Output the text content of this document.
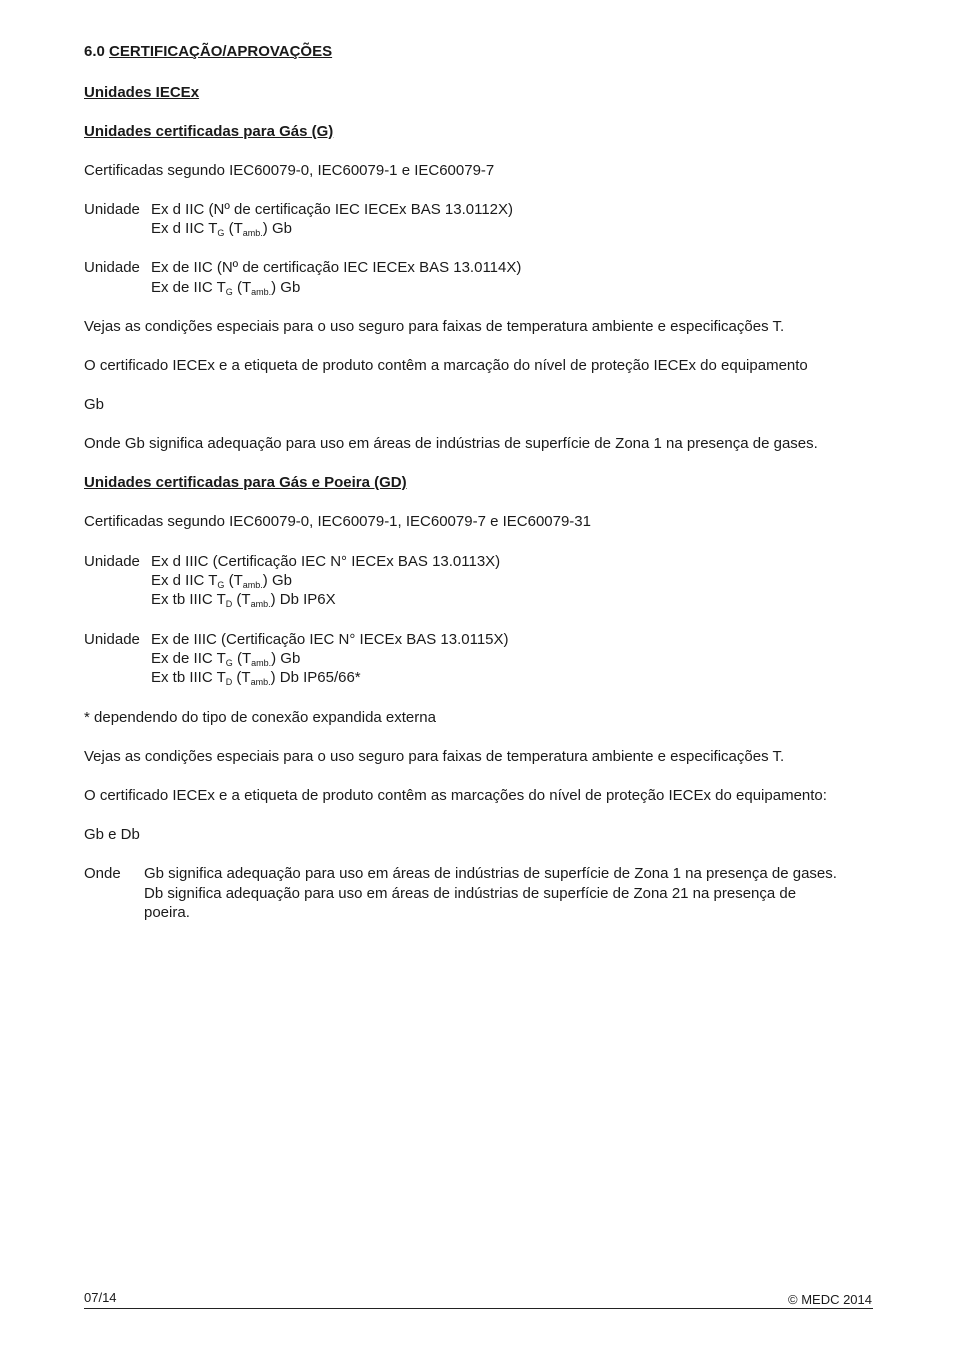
6.0 CERTIFICAÇÃO/APROVAÇÕES
Unidades IECEx
Unidades certificadas para Gás (G)
Certificadas segundo IEC60079-0, IEC60079-1 e IEC60079-7
Unidade Ex d IIC (Nº de certificação IEC IECEx BAS 13.0112X)
Ex d IIC $T_G$ $(T_{amb.})$ Gb
Unidade Ex de IIC (Nº de certificação IEC IECEx BAS 13.0114X)
Ex de IIC $T_G$ $(T_{amb.})$ Gb
Vejas as condições especiais para o uso seguro para faixas de temperatura ambiente e especificações T.
O certificado IECEx e a etiqueta de produto contêm a marcação do nível de proteção IECEx do equipamento
Gb
Onde Gb significa adequação para uso em áreas de indústrias de superfície de Zona 1 na presença de gases.
Unidades certificadas para Gás e Poeira (GD)
Certificadas segundo IEC60079-0, IEC60079-1, IEC60079-7 e IEC60079-31
Unidade Ex d IIIC (Certificação IEC N° IECEx BAS 13.0113X)
Ex d IIC $T_G$ $(T_{amb.})$ Gb
Ex tb IIIC $T_D$ $(T_{amb.})$ Db IP6X
Unidade Ex de IIIC (Certificação IEC N° IECEx BAS 13.0115X)
Ex de IIC $T_G$ $(T_{amb.})$ Gb
Ex tb IIIC $T_D$ $(T_{amb.})$ Db IP65/66*
* dependendo do tipo de conexão expandida externa
Vejas as condições especiais para o uso seguro para faixas de temperatura ambiente e especificações T.
O certificado IECEx e a etiqueta de produto contêm as marcações do nível de proteção IECEx do equipamento:
Gb e Db
Onde Gb significa adequação para uso em áreas de indústrias de superfície de Zona 1 na presença de gases.
Db significa adequação para uso em áreas de indústrias de superfície de Zona 21 na presença de
poeira.
07/14	© MEDC 2014
